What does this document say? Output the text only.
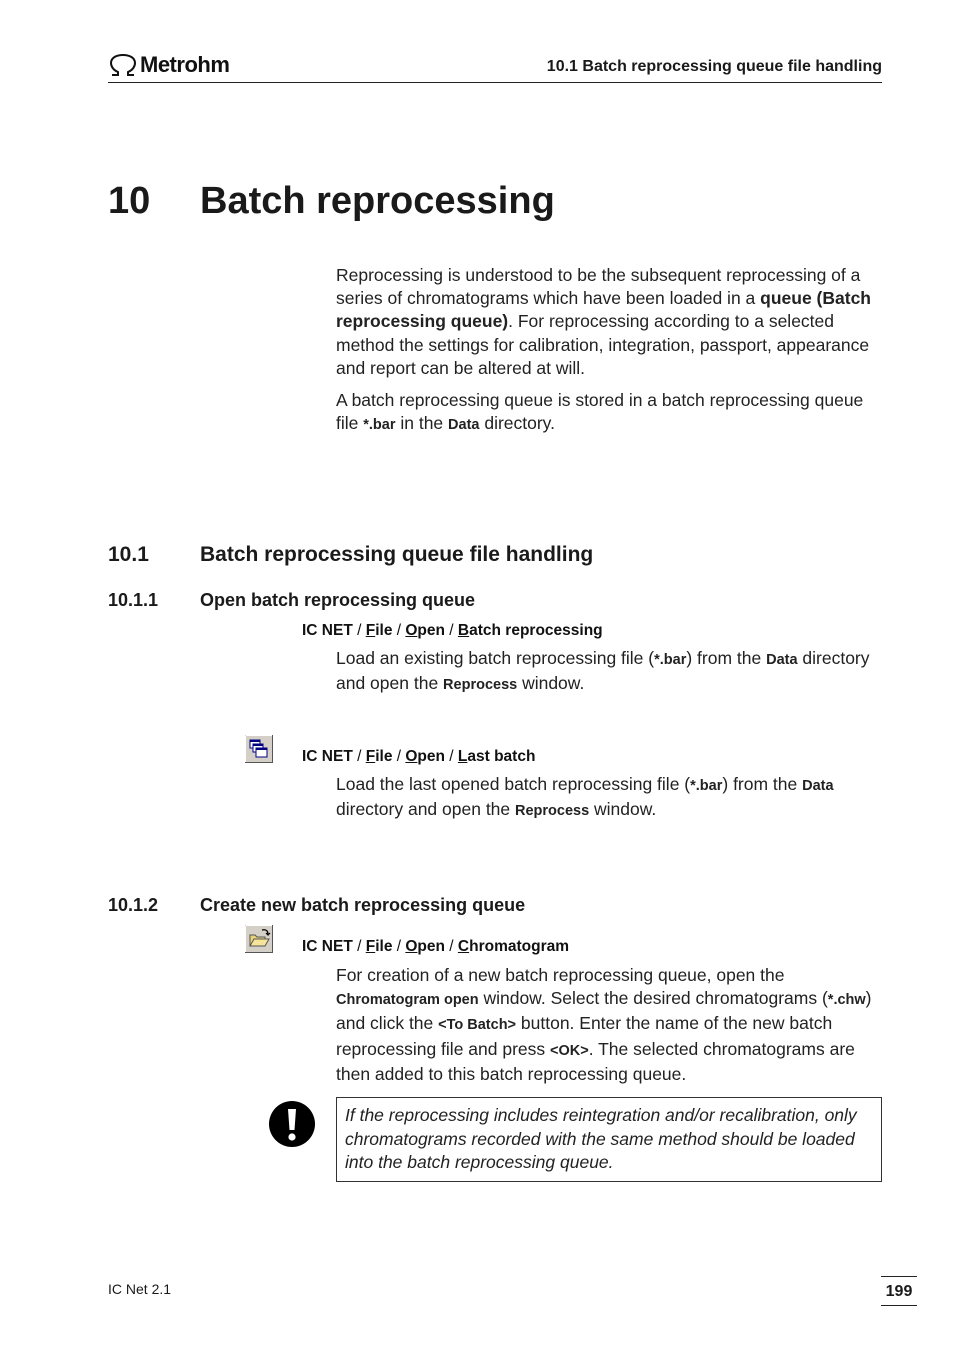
Metrohm	10.1 Batch reprocessing queue file handling
10	Batch reprocessing

Reprocessing is understood to be the subsequent reprocessing of a series of chromatograms which have been loaded in a queue (Batch reprocessing queue). For reprocessing according to a selected method the settings for calibration, integration, passport, appearance and report can be altered at will.

A batch reprocessing queue is stored in a batch reprocessing queue file *.bar in the Data directory.

10.1	Batch reprocessing queue file handling
10.1.1	Open batch reprocessing queue
IC NET / File / Open / Batch reprocessing

Load an existing batch reprocessing file (*.bar) from the Data directory and open the Reprocess window.

IC NET / File / Open / Last batch

Load the last opened batch reprocessing file (*.bar) from the Data directory and open the Reprocess window.

10.1.2	Create new batch reprocessing queue
IC NET / File / Open / Chromatogram

For creation of a new batch reprocessing queue, open the Chromatogram open window. Select the desired chromatograms (*.chw) and click the <To Batch> button. Enter the name of the new batch reprocessing file and press <OK>. The selected chromatograms are then added to this batch reprocessing queue.

If the reprocessing includes reintegration and/or recalibration, only chromatograms recorded with the same method should be loaded into the batch reprocessing queue.
IC Net 2.1	199
